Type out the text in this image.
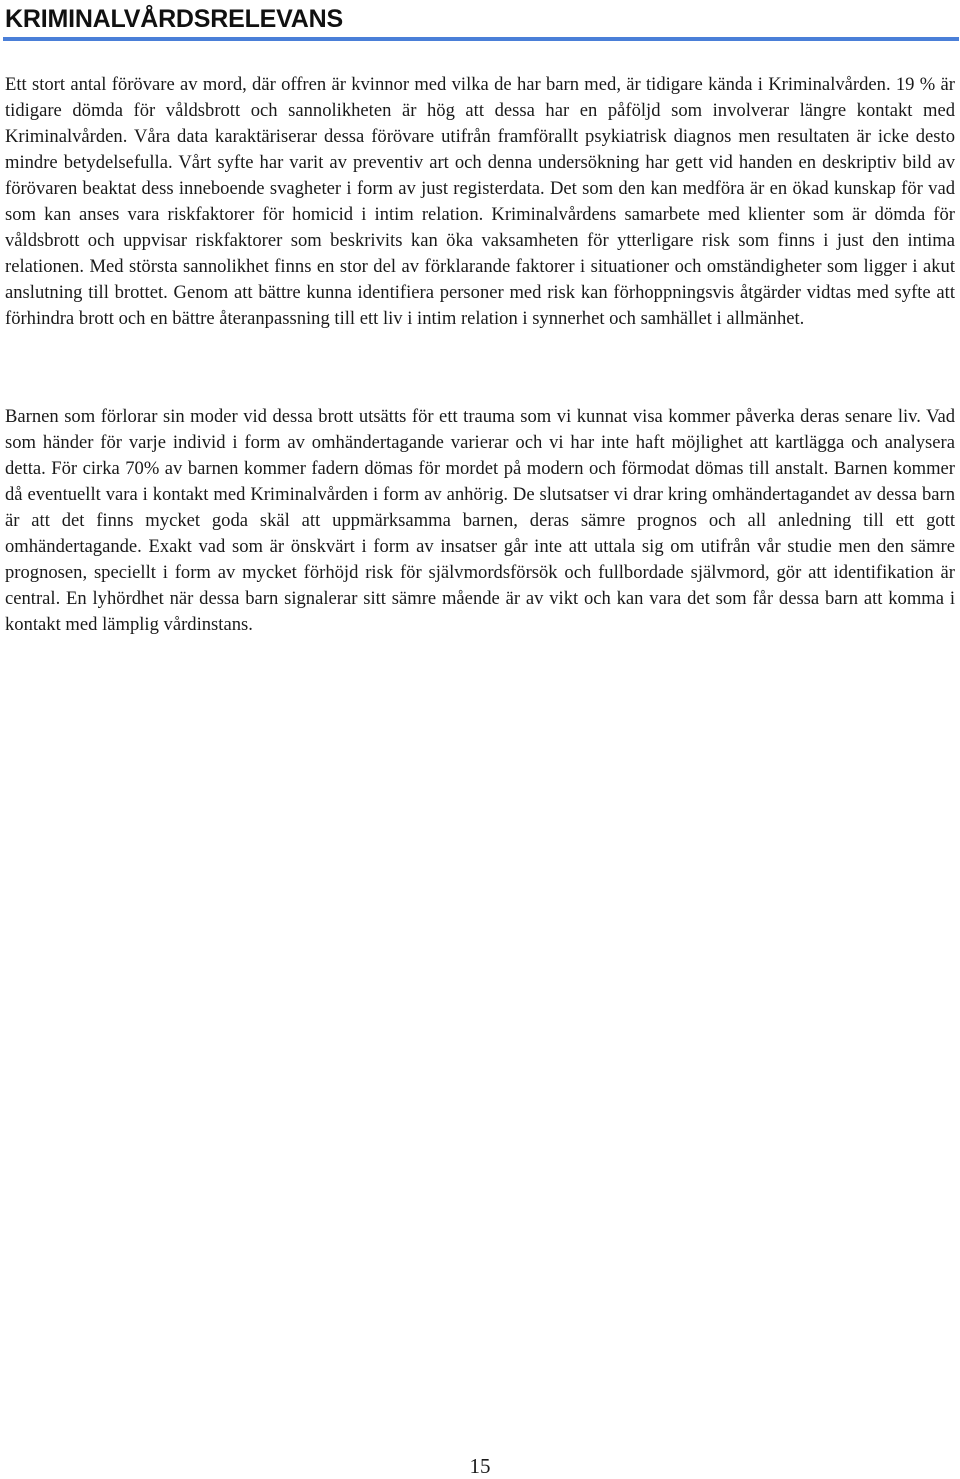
KRIMINALVÅRDSRELEVANS

Ett stort antal förövare av mord, där offren är kvinnor med vilka de har barn med, är tidigare kända i Kriminalvården. 19 % är tidigare dömda för våldsbrott och sannolikheten är hög att dessa har en påföljd som involverar längre kontakt med Kriminalvården. Våra data karaktäriserar dessa förövare utifrån framförallt psykiatrisk diagnos men resultaten är icke desto mindre betydelsefulla. Vårt syfte har varit av preventiv art och denna undersökning har gett vid handen en deskriptiv bild av förövaren beaktat dess inneboende svagheter i form av just registerdata. Det som den kan medföra är en ökad kunskap för vad som kan anses vara riskfaktorer för homicid i intim relation. Kriminalvårdens samarbete med klienter som är dömda för våldsbrott och uppvisar riskfaktorer som beskrivits kan öka vaksamheten för ytterligare risk som finns i just den intima relationen. Med största sannolikhet finns en stor del av förklarande faktorer i situationer och omständigheter som ligger i akut anslutning till brottet. Genom att bättre kunna identifiera personer med risk kan förhoppningsvis åtgärder vidtas med syfte att förhindra brott och en bättre återanpassning till ett liv i intim relation i synnerhet och samhället i allmänhet.

Barnen som förlorar sin moder vid dessa brott utsätts för ett trauma som vi kunnat visa kommer påverka deras senare liv. Vad som händer för varje individ i form av omhändertagande varierar och vi har inte haft möjlighet att kartlägga och analysera detta. För cirka 70% av barnen kommer fadern dömas för mordet på modern och förmodat dömas till anstalt. Barnen kommer då eventuellt vara i kontakt med Kriminalvården i form av anhörig. De slutsatser vi drar kring omhändertagandet av dessa barn är att det finns mycket goda skäl att uppmärksamma barnen, deras sämre prognos och all anledning till ett gott omhändertagande. Exakt vad som är önskvärt i form av insatser går inte att uttala sig om utifrån vår studie men den sämre prognosen, speciellt i form av mycket förhöjd risk för självmordsförsök och fullbordade självmord, gör att identifikation är central. En lyhördhet när dessa barn signalerar sitt sämre mående är av vikt och kan vara det som får dessa barn att komma i kontakt med lämplig vårdinstans.

15
